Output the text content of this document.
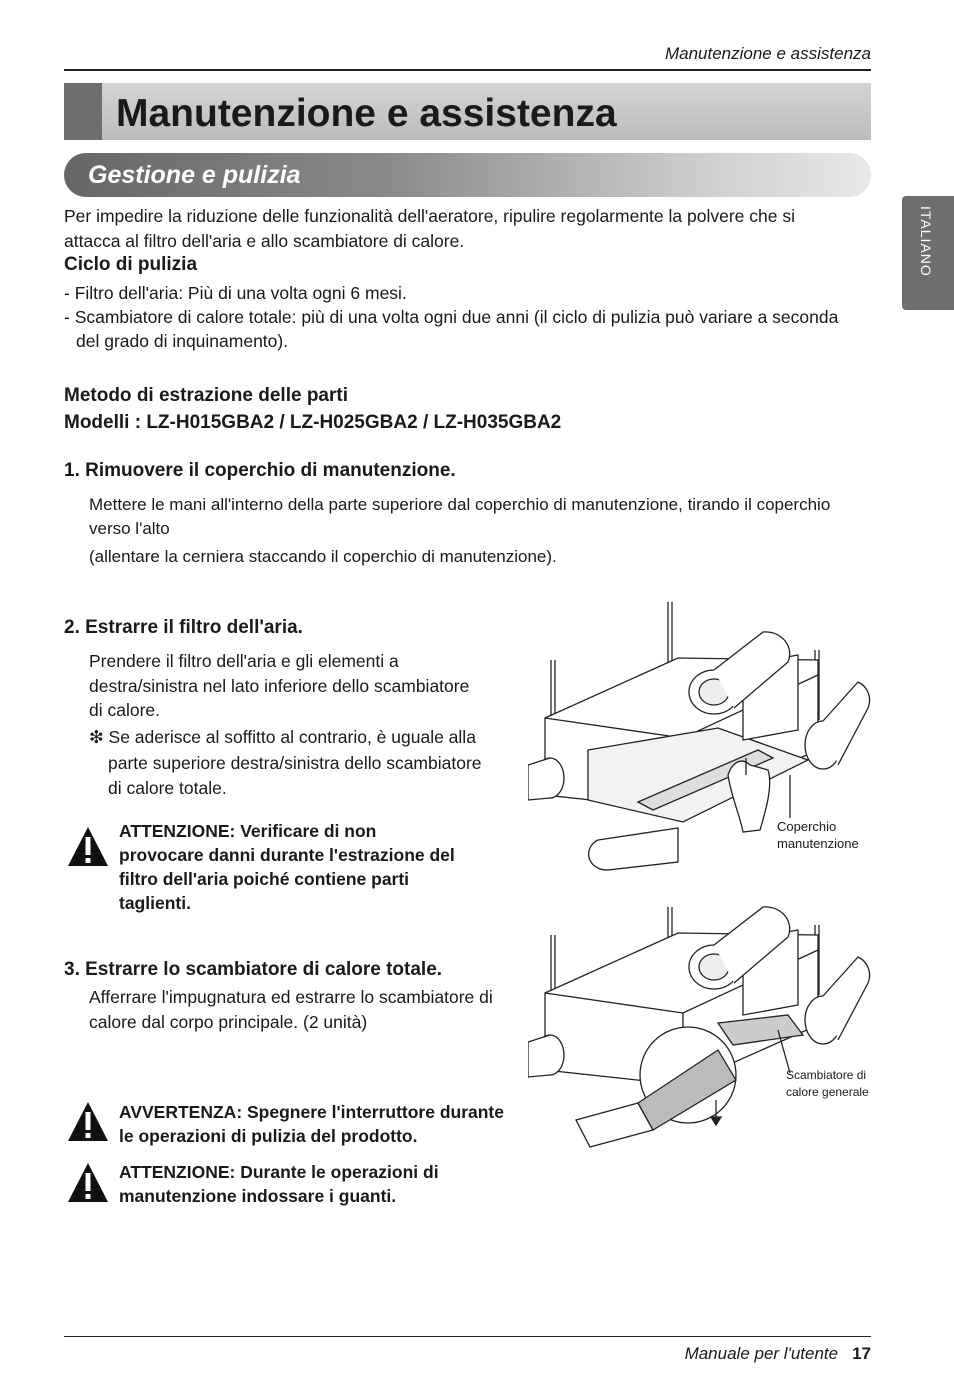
Manutenzione e assistenza
Manutenzione e assistenza
Gestione e pulizia
ITALIANO
Per impedire la riduzione delle funzionalità dell'aeratore, ripulire regolarmente la polvere che si
attacca al filtro dell'aria e allo scambiatore di calore.
Ciclo di pulizia
- Filtro dell'aria: Più di una volta ogni 6 mesi.
- Scambiatore di calore totale: più di una volta ogni due anni (il ciclo di pulizia può variare a seconda
del grado di inquinamento).
Metodo di estrazione delle parti
Modelli : LZ-H015GBA2 / LZ-H025GBA2 / LZ-H035GBA2
1. Rimuovere il coperchio di manutenzione.
Mettere le mani all'interno della parte superiore dal coperchio di manutenzione, tirando il coperchio
verso l'alto
(allentare la cerniera staccando il coperchio di manutenzione).
2. Estrarre il filtro dell'aria.
Prendere il filtro dell'aria e gli elementi a
destra/sinistra nel lato inferiore dello scambiatore
di calore.
❇ Se aderisce al soffitto al contrario, è uguale alla
parte superiore destra/sinistra dello scambiatore
di calore totale.
ATTENZIONE: Verificare di non
provocare danni durante l'estrazione del
filtro dell'aria poiché contiene parti
taglienti.
Coperchio
manutenzione
3. Estrarre lo scambiatore di calore totale.
Afferrare l'impugnatura ed estrarre lo scambiatore di
calore dal corpo principale. (2 unità)
Scambiatore di
calore generale
AVVERTENZA: Spegnere l'interruttore durante
le operazioni di pulizia del prodotto.
ATTENZIONE: Durante le operazioni di
manutenzione indossare i guanti.
Manuale per l'utente 17
